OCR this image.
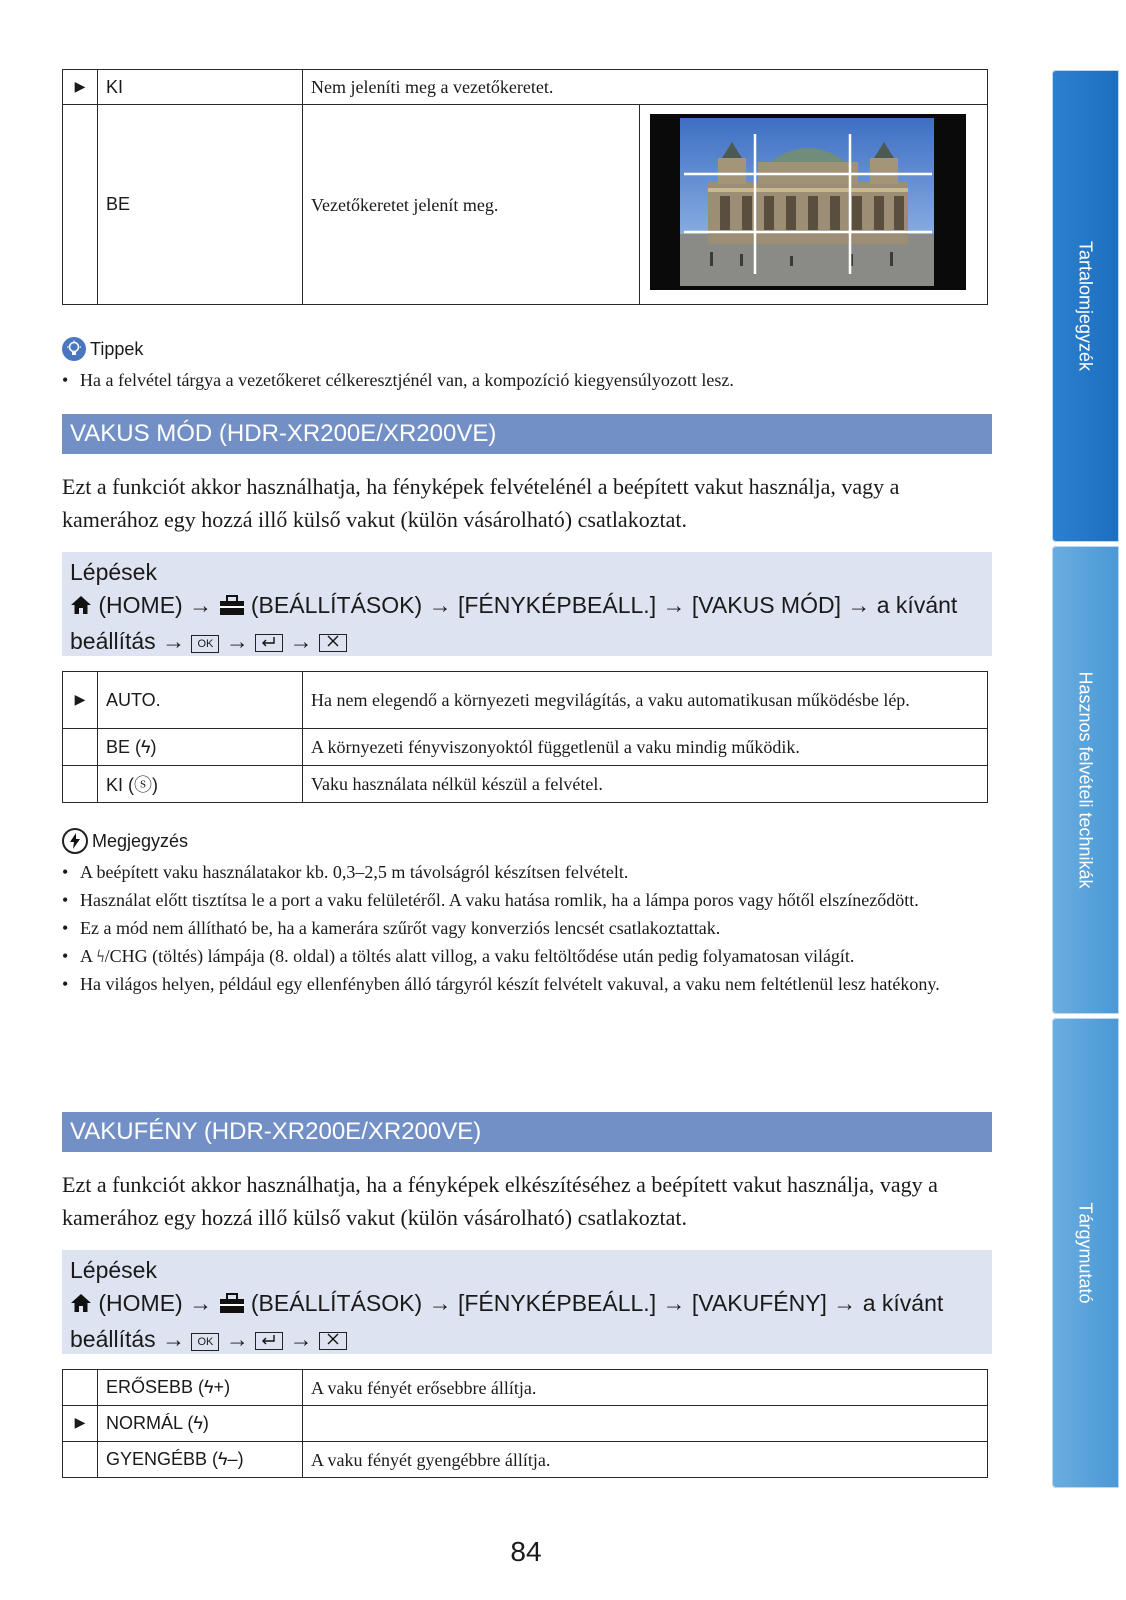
▶	KI	Nem jeleníti meg a vezetőkeretet.	
	BE	Vezetőkeretet jelenít meg.	
Tippek
• Ha a felvétel tárgya a vezetőkeret célkeresztjénél van, a kompozíció kiegyensúlyozott lesz.
VAKUS MÓD (HDR-XR200E/XR200VE)
Ezt a funkciót akkor használhatja, ha fényképek felvételénél a beépített vakut használja, vagy a kamerához egy hozzá illő külső vakut (külön vásárolható) csatlakoztat.
Lépések
(HOME) → (BEÁLLÍTÁSOK) → [FÉNYKÉPBEÁLL.] → [VAKUS MÓD] → a kívánt
beállítás → OK → →
▶	AUTO.	Ha nem elegendő a környezeti megvilágítás, a vaku automatikusan működésbe lép.
	BE (ϟ)	A környezeti fényviszonyoktól függetlenül a vaku mindig működik.
	KI (ⓢ)	Vaku használata nélkül készül a felvétel.
Megjegyzés
• A beépített vaku használatakor kb. 0,3–2,5 m távolságról készítsen felvételt.
• Használat előtt tisztítsa le a port a vaku felületéről. A vaku hatása romlik, ha a lámpa poros vagy hőtől elszíneződött.
• Ez a mód nem állítható be, ha a kamerára szűrőt vagy konverziós lencsét csatlakoztattak.
• A ϟ/CHG (töltés) lámpája (8. oldal) a töltés alatt villog, a vaku feltöltődése után pedig folyamatosan világít.
• Ha világos helyen, például egy ellenfényben álló tárgyról készít felvételt vakuval, a vaku nem feltétlenül lesz hatékony.
VAKUFÉNY (HDR-XR200E/XR200VE)
Ezt a funkciót akkor használhatja, ha a fényképek elkészítéséhez a beépített vakut használja, vagy a kamerához egy hozzá illő külső vakut (külön vásárolható) csatlakoztat.
Lépések
(HOME) → (BEÁLLÍTÁSOK) → [FÉNYKÉPBEÁLL.] → [VAKUFÉNY] → a kívánt
beállítás → OK → →
	ERŐSEBB (ϟ+)	A vaku fényét erősebbre állítja.
▶	NORMÁL (ϟ)	
	GYENGÉBB (ϟ–)	A vaku fényét gyengébbre állítja.
Tartalomjegyzék
Hasznos felvételi technikák
Tárgymutató
84
